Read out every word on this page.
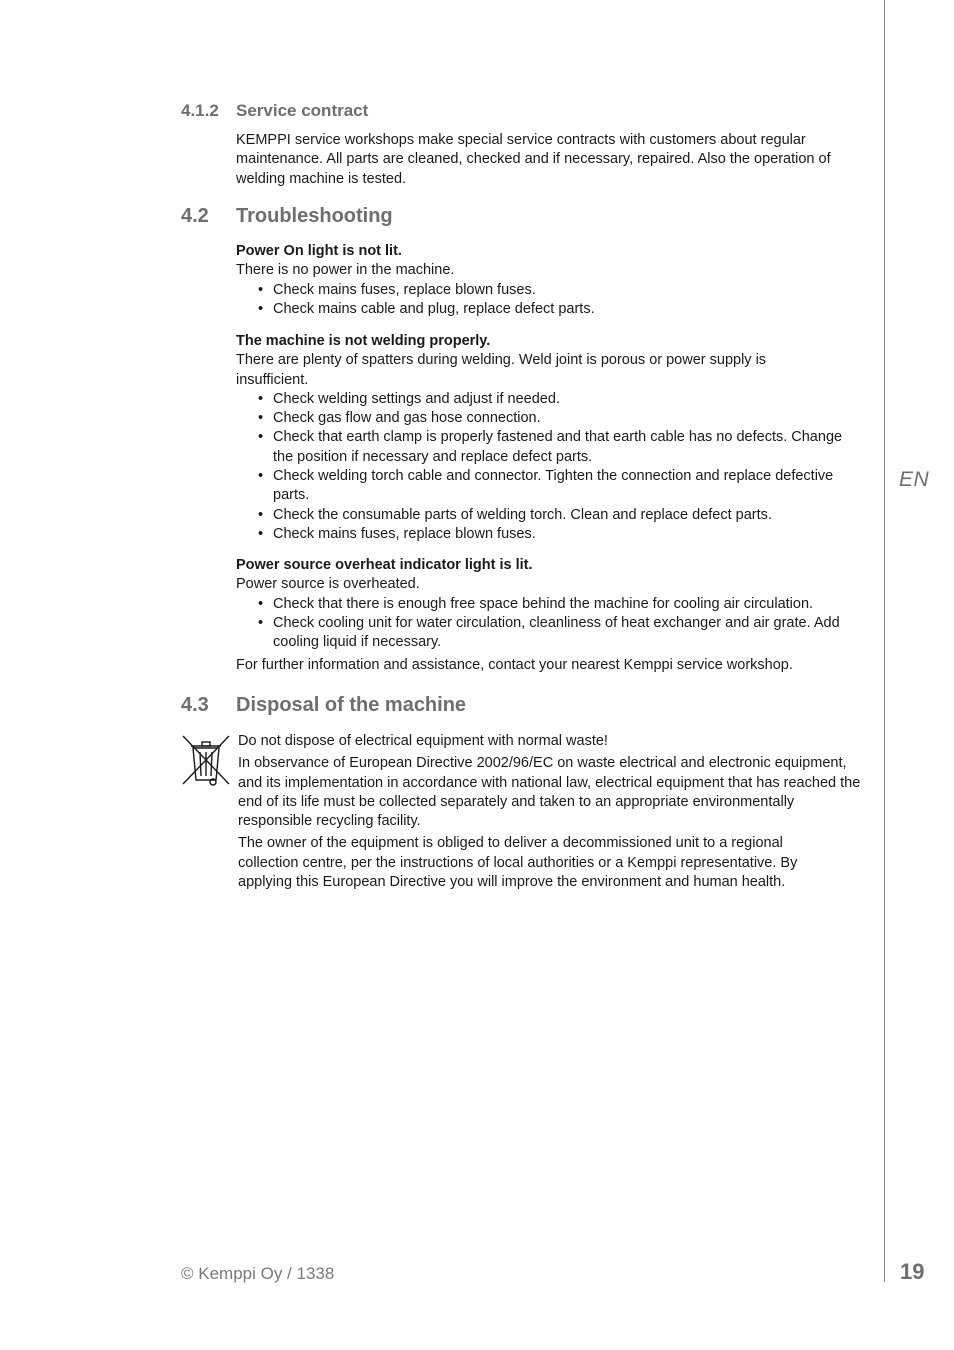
4.1.2 Service contract

KEMPPI service workshops make special service contracts with customers about regular maintenance. All parts are cleaned, checked and if necessary, repaired. Also the operation of welding machine is tested.

4.2 Troubleshooting

Power On light is not lit.

There is no power in the machine.

• Check mains fuses, replace blown fuses.
• Check mains cable and plug, replace defect parts.

The machine is not welding properly.

There are plenty of spatters during welding. Weld joint is porous or power supply is insufficient.

• Check welding settings and adjust if needed.
• Check gas flow and gas hose connection.
• Check that earth clamp is properly fastened and that earth cable has no defects. Change the position if necessary and replace defect parts.
• Check welding torch cable and connector. Tighten the connection and replace defective parts.
• Check the consumable parts of welding torch. Clean and replace defect parts.
• Check mains fuses, replace blown fuses.

Power source overheat indicator light is lit.

Power source is overheated.

• Check that there is enough free space behind the machine for cooling air circulation.
• Check cooling unit for water circulation, cleanliness of heat exchanger and air grate. Add cooling liquid if necessary.

For further information and assistance, contact your nearest Kemppi service workshop.

4.3 Disposal of the machine

Do not dispose of electrical equipment with normal waste!

In observance of European Directive 2002/96/EC on waste electrical and electronic equipment, and its implementation in accordance with national law, electrical equipment that has reached the end of its life must be collected separately and taken to an appropriate environmentally responsible recycling facility.

The owner of the equipment is obliged to deliver a decommissioned unit to a regional collection centre, per the instructions of local authorities or a Kemppi representative. By applying this European Directive you will improve the environment and human health.

EN
© Kemppi Oy / 1338	19
